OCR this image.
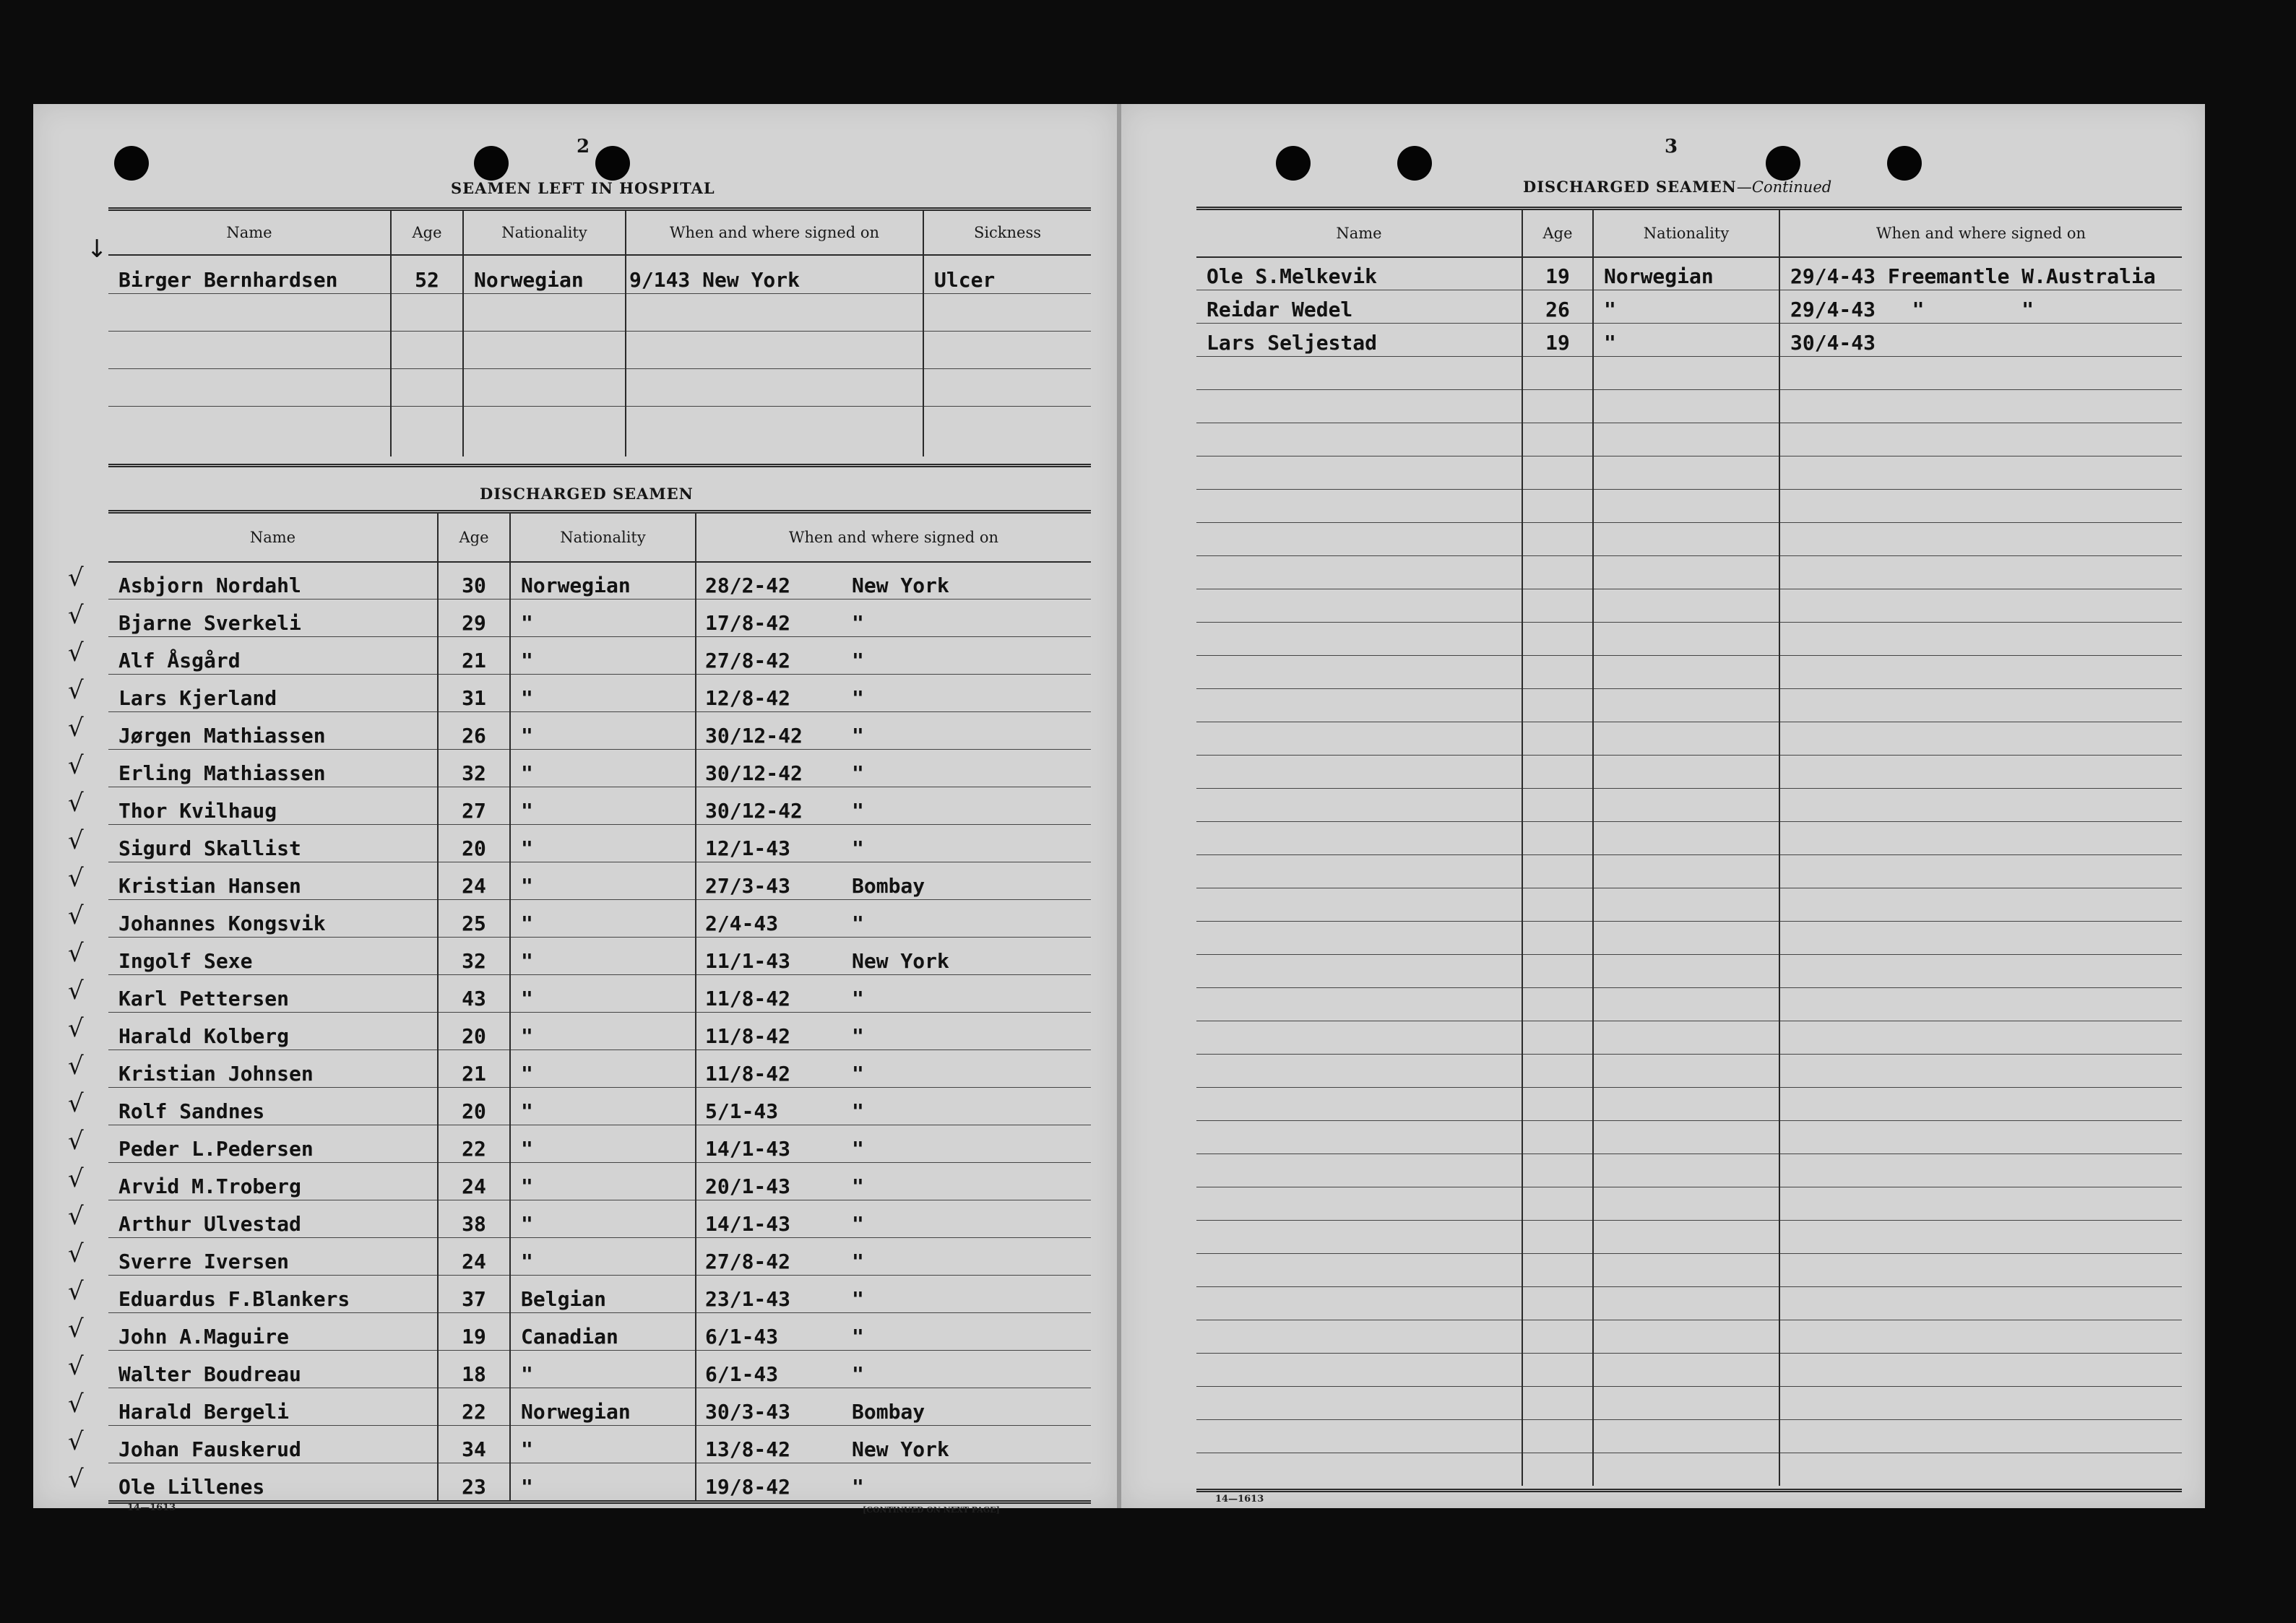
2
SEAMEN LEFT IN HOSPITAL
Name	Age	Nationality	When and where signed on	Sickness
Birger Bernhardsen	52	Norwegian	9/143 New York	Ulcer
↓
DISCHARGED SEAMEN
Name	Age	Nationality	When and where signed on
Asbjorn Nordahl	30	Norwegian	28/2-42	New York
Bjarne Sverkeli	29	"	17/8-42	"
Alf Åsgård	21	"	27/8-42	"
Lars Kjerland	31	"	12/8-42	"
Jørgen Mathiassen	26	"	30/12-42 "
Erling Mathiassen	32	"	30/12-42 "
Thor Kvilhaug	27	"	30/12-42 "
Sigurd Skallist	20	"	12/1-43	"
Kristian Hansen	24	"	27/3-43	Bombay
Johannes Kongsvik	25	"	2/4-43	"
Ingolf Sexe	32	"	11/1-43	New York
Karl Pettersen	43	"	11/8-42	"
Harald Kolberg	20	"	11/8-42	"
Kristian Johnsen	21	"	11/8-42	"
Rolf Sandnes	20	"	5/1-43	"
Peder L.Pedersen	22	"	14/1-43	"
Arvid M.Troberg	24	"	20/1-43	"
Arthur Ulvestad	38	"	14/1-43	"
Sverre Iversen	24	"	27/8-42	"
Eduardus F.Blankers	37	Belgian	23/1-43	"
John A.Maguire	19	Canadian	6/1-43	"
Walter Boudreau	18	"	6/1-43	"
Harald Bergeli	22	Norwegian	30/3-43	Bombay
Johan Fauskerud	34	"	13/8-42	New York
Ole Lillenes	23	"	19/8-42	"
14—1613	[CONTINUED ON NEXT PAGE]
√
√
√
√
√
√
√
√
√
√
√
√
√
√
√
√
√
√
√
√
√
√
√
√
√
3
DISCHARGED SEAMEN—Continued
Name	Age	Nationality	When and where signed on
Ole S.Melkevik	19	Norwegian	29/4-43 Freemantle W.Australia
Reidar Wedel	26	"	29/4-43   "        "
Lars Seljestad	19	"	30/4-43
14—1613
